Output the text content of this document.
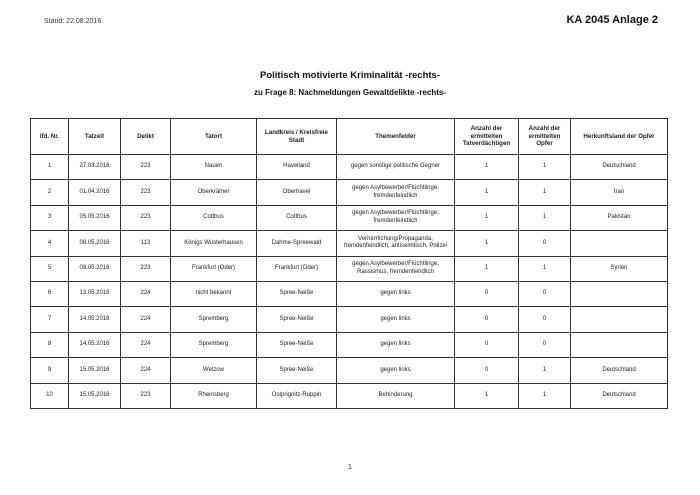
Stand: 22.08.2016	KA 2045 Anlage 2
Politisch motivierte Kriminalität -rechts-
zu Frage 8: Nachmeldungen Gewaltdelikte -rechts-
lfd. Nr.	Tatzeit	Delikt	Tatort	Landkreis / Kreisfreie Stadt	Themenfelder	Anzahl der ermittelten Tatverdächtigen	Anzahl der ermittelten Opfer	Herkunftsland der Opfer
1	27.03.2016	223	Nauen	Havelland	gegen sonstige politische Gegner	1	1	Deutschland
2	01.04.2016	223	Oberkrämer	Oberhavel	gegen Asylbewerber/Flüchtlinge, fremdenfeindlich	1	1	Iran
3	05.05.2016	223	Cottbus	Cottbus	gegen Asylbewerber/Flüchtlinge, fremdenfeindlich	1	1	Pakistan
4	08.05.2016	113	Königs Wusterhausen	Dahme-Spreewald	Verherrlichung/Propaganda, fremdenfeindlich, antisemitisch, Polizei	1	0	
5	09.05.2016	223	Frankfurt (Oder)	Frankfurt (Oder)	gegen Asylbewerber/Flüchtlinge, Rassismus, fremdenfeindlich	1	1	Syrien
6	13.05.2016	224	nicht bekannt	Spree-Neiße	gegen links	0	0	
7	14.05.2016	224	Spremberg	Spree-Neiße	gegen links	0	0	
8	14.05.2016	224	Spremberg	Spree-Neiße	gegen links	0	0	
9	15.05.2016	224	Welzow	Spree-Neiße	gegen links	0	1	Deutschland
10	15.05.2016	223	Rheinsberg	Ostprignitz-Ruppin	Behinderung	1	1	Deutschland
1
